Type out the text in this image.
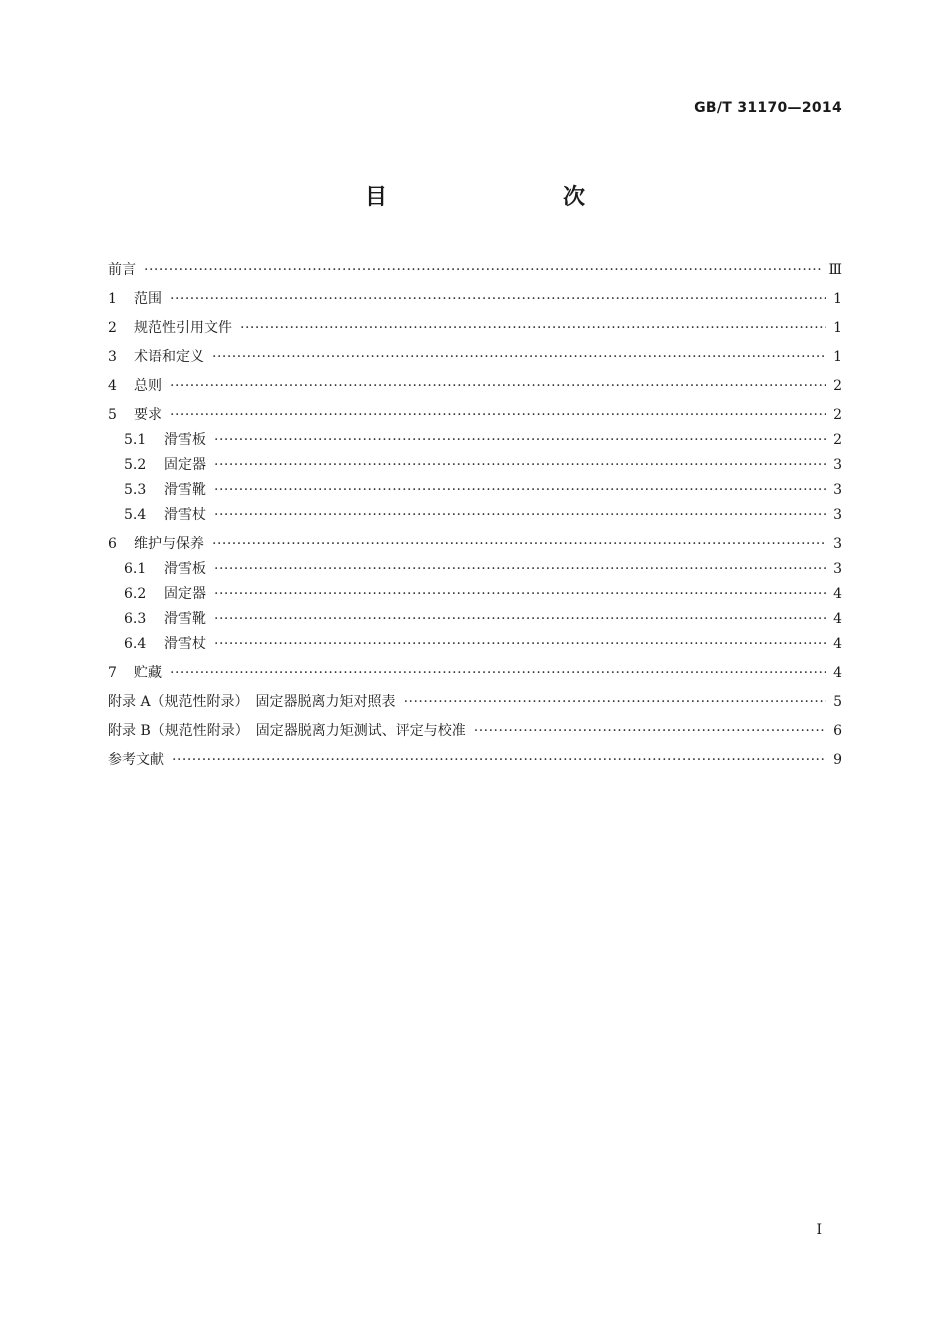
GB/T 31170—2014
目　　次
前言 ·····	Ⅲ
1	范围 ·····	1
2	规范性引用文件 ·····	1
3	术语和定义 ·····	1
4	总则 ·····	2
5	要求 ·····	2
5.1	滑雪板 ·····	2
5.2	固定器 ·····	3
5.3	滑雪靴 ·····	3
5.4	滑雪杖 ·····	3
6	维护与保养 ·····	3
6.1	滑雪板 ·····	3
6.2	固定器 ·····	4
6.3	滑雪靴 ·····	4
6.4	滑雪杖 ·····	4
7	贮藏 ·····	4
附录 A（规范性附录）　固定器脱离力矩对照表 ·····	5
附录 B（规范性附录）　固定器脱离力矩测试、评定与校准 ·····	6
参考文献 ·····	9
Ⅰ
